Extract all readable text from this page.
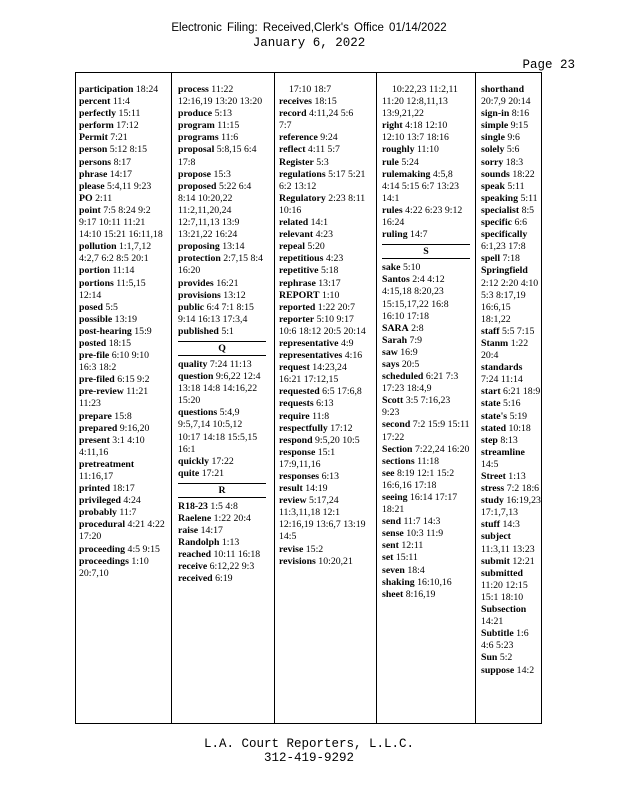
Electronic Filing: Received,Clerk's Office 01/14/2022
January 6, 2022
Page 23
participation 18:24
percent 11:4
perfectly 15:11
perform 17:12
Permit 7:21
person 5:12 8:15
persons 8:17
phrase 14:17
please 5:4,11 9:23
PO 2:11
point 7:5 8:24 9:2 9:17 10:11 11:21 14:10 15:21 16:11,18
pollution 1:1,7,12 4:2,7 6:2 8:5 20:1
portion 11:14
portions 11:5,15 12:14
posed 5:5
possible 13:19
post-hearing 15:9
posted 18:15
pre-file 6:10 9:10 16:3 18:2
pre-filed 6:15 9:2
pre-review 11:21 11:23
prepare 15:8
prepared 9:16,20
present 3:1 4:10 4:11,16
pretreatment 11:16,17
printed 18:17
privileged 4:24
probably 11:7
procedural 4:21 4:22 17:20
proceeding 4:5 9:15
proceedings 1:10 20:7,10
process 11:22 12:16,19 13:20 13:20
produce 5:13
program 11:15
programs 11:6
proposal 5:8,15 6:4 17:8
propose 15:3
proposed 5:22 6:4 8:14 10:20,22 11:2,11,20,24 12:7,11,13 13:9 13:21,22 16:24
proposing 13:14
protection 2:7,15 8:4 16:20
provides 16:21
provisions 13:12
public 6:4 7:1 8:15 9:14 16:13 17:3,4
published 5:1
Q
quality 7:24 11:13
question 9:6,22 12:4 13:18 14:8 14:16,22 15:20
questions 5:4,9 9:5,7,14 10:5,12 10:17 14:18 15:5,15 16:1
quickly 17:22
quite 17:21
R
R18-23 1:5 4:8
Raelene 1:22 20:4
raise 14:17
Randolph 1:13
reached 10:11 16:18
receive 6:12,22 9:3
received 6:19
17:10 18:7
receives 18:15
record 4:11,24 5:6 7:7
reference 9:24
reflect 4:11 5:7
Register 5:3
regulations 5:17 5:21 6:2 13:12
Regulatory 2:23 8:11 10:16
related 14:1
relevant 4:23
repeal 5:20
repetitious 4:23
repetitive 5:18
rephrase 13:17
REPORT 1:10
reported 1:22 20:7
reporter 5:10 9:17 10:6 18:12 20:5 20:14
representative 4:9
representatives 4:16
request 14:23,24 16:21 17:12,15
requested 6:5 17:6,8
requests 6:13
require 11:8
respectfully 17:12
respond 9:5,20 10:5
response 15:1 17:9,11,16
responses 6:13
result 14:19
review 5:17,24 11:3,11,18 12:1 12:16,19 13:6,7 13:19 14:5
revise 15:2
revisions 10:20,21
10:22,23 11:2,11 11:20 12:8,11,13 13:9,21,22
right 4:18 12:10 12:10 13:7 18:16
roughly 11:10
rule 5:24
rulemaking 4:5,8 4:14 5:15 6:7 13:23 14:1
rules 4:22 6:23 9:12 16:24
ruling 14:7
S
sake 5:10
Santos 2:4 4:12 4:15,18 8:20,23 15:15,17,22 16:8 16:10 17:18
SARA 2:8
Sarah 7:9
saw 16:9
says 20:5
scheduled 6:21 7:3 17:23 18:4,9
Scott 3:5 7:16,23 9:23
second 7:2 15:9 15:11 17:22
Section 7:22,24 16:20
sections 11:18
see 8:19 12:1 15:2 16:6,16 17:18
seeing 16:14 17:17 18:21
send 11:7 14:3
sense 10:3 11:9
sent 12:11
set 15:11
seven 18:4
shaking 16:10,16
sheet 8:16,19
shorthand 20:7,9 20:14
sign-in 8:16
simple 9:15
single 9:6
solely 5:6
sorry 18:3
sounds 18:22
speak 5:11
speaking 5:11
specialist 8:5
specific 6:6
specifically 6:1,23 17:8
spell 7:18
Springfield 2:12 2:20 4:10 5:3 8:17,19 16:6,15 18:1,22
staff 5:5 7:15
Stanm 1:22 20:4
standards 7:24 11:14
start 6:21 18:9
state 5:16
state's 5:19
stated 10:18
step 8:13
streamline 14:5
Street 1:13
stress 7:2 18:6
study 16:19,23 17:1,7,13
stuff 14:3
subject 11:3,11 13:23
submit 12:21
submitted 11:20 12:15 15:1 18:10
Subsection 14:21
Subtitle 1:6 4:6 5:23
Sun 5:2
suppose 14:2
L.A. Court Reporters, L.L.C.
312-419-9292
